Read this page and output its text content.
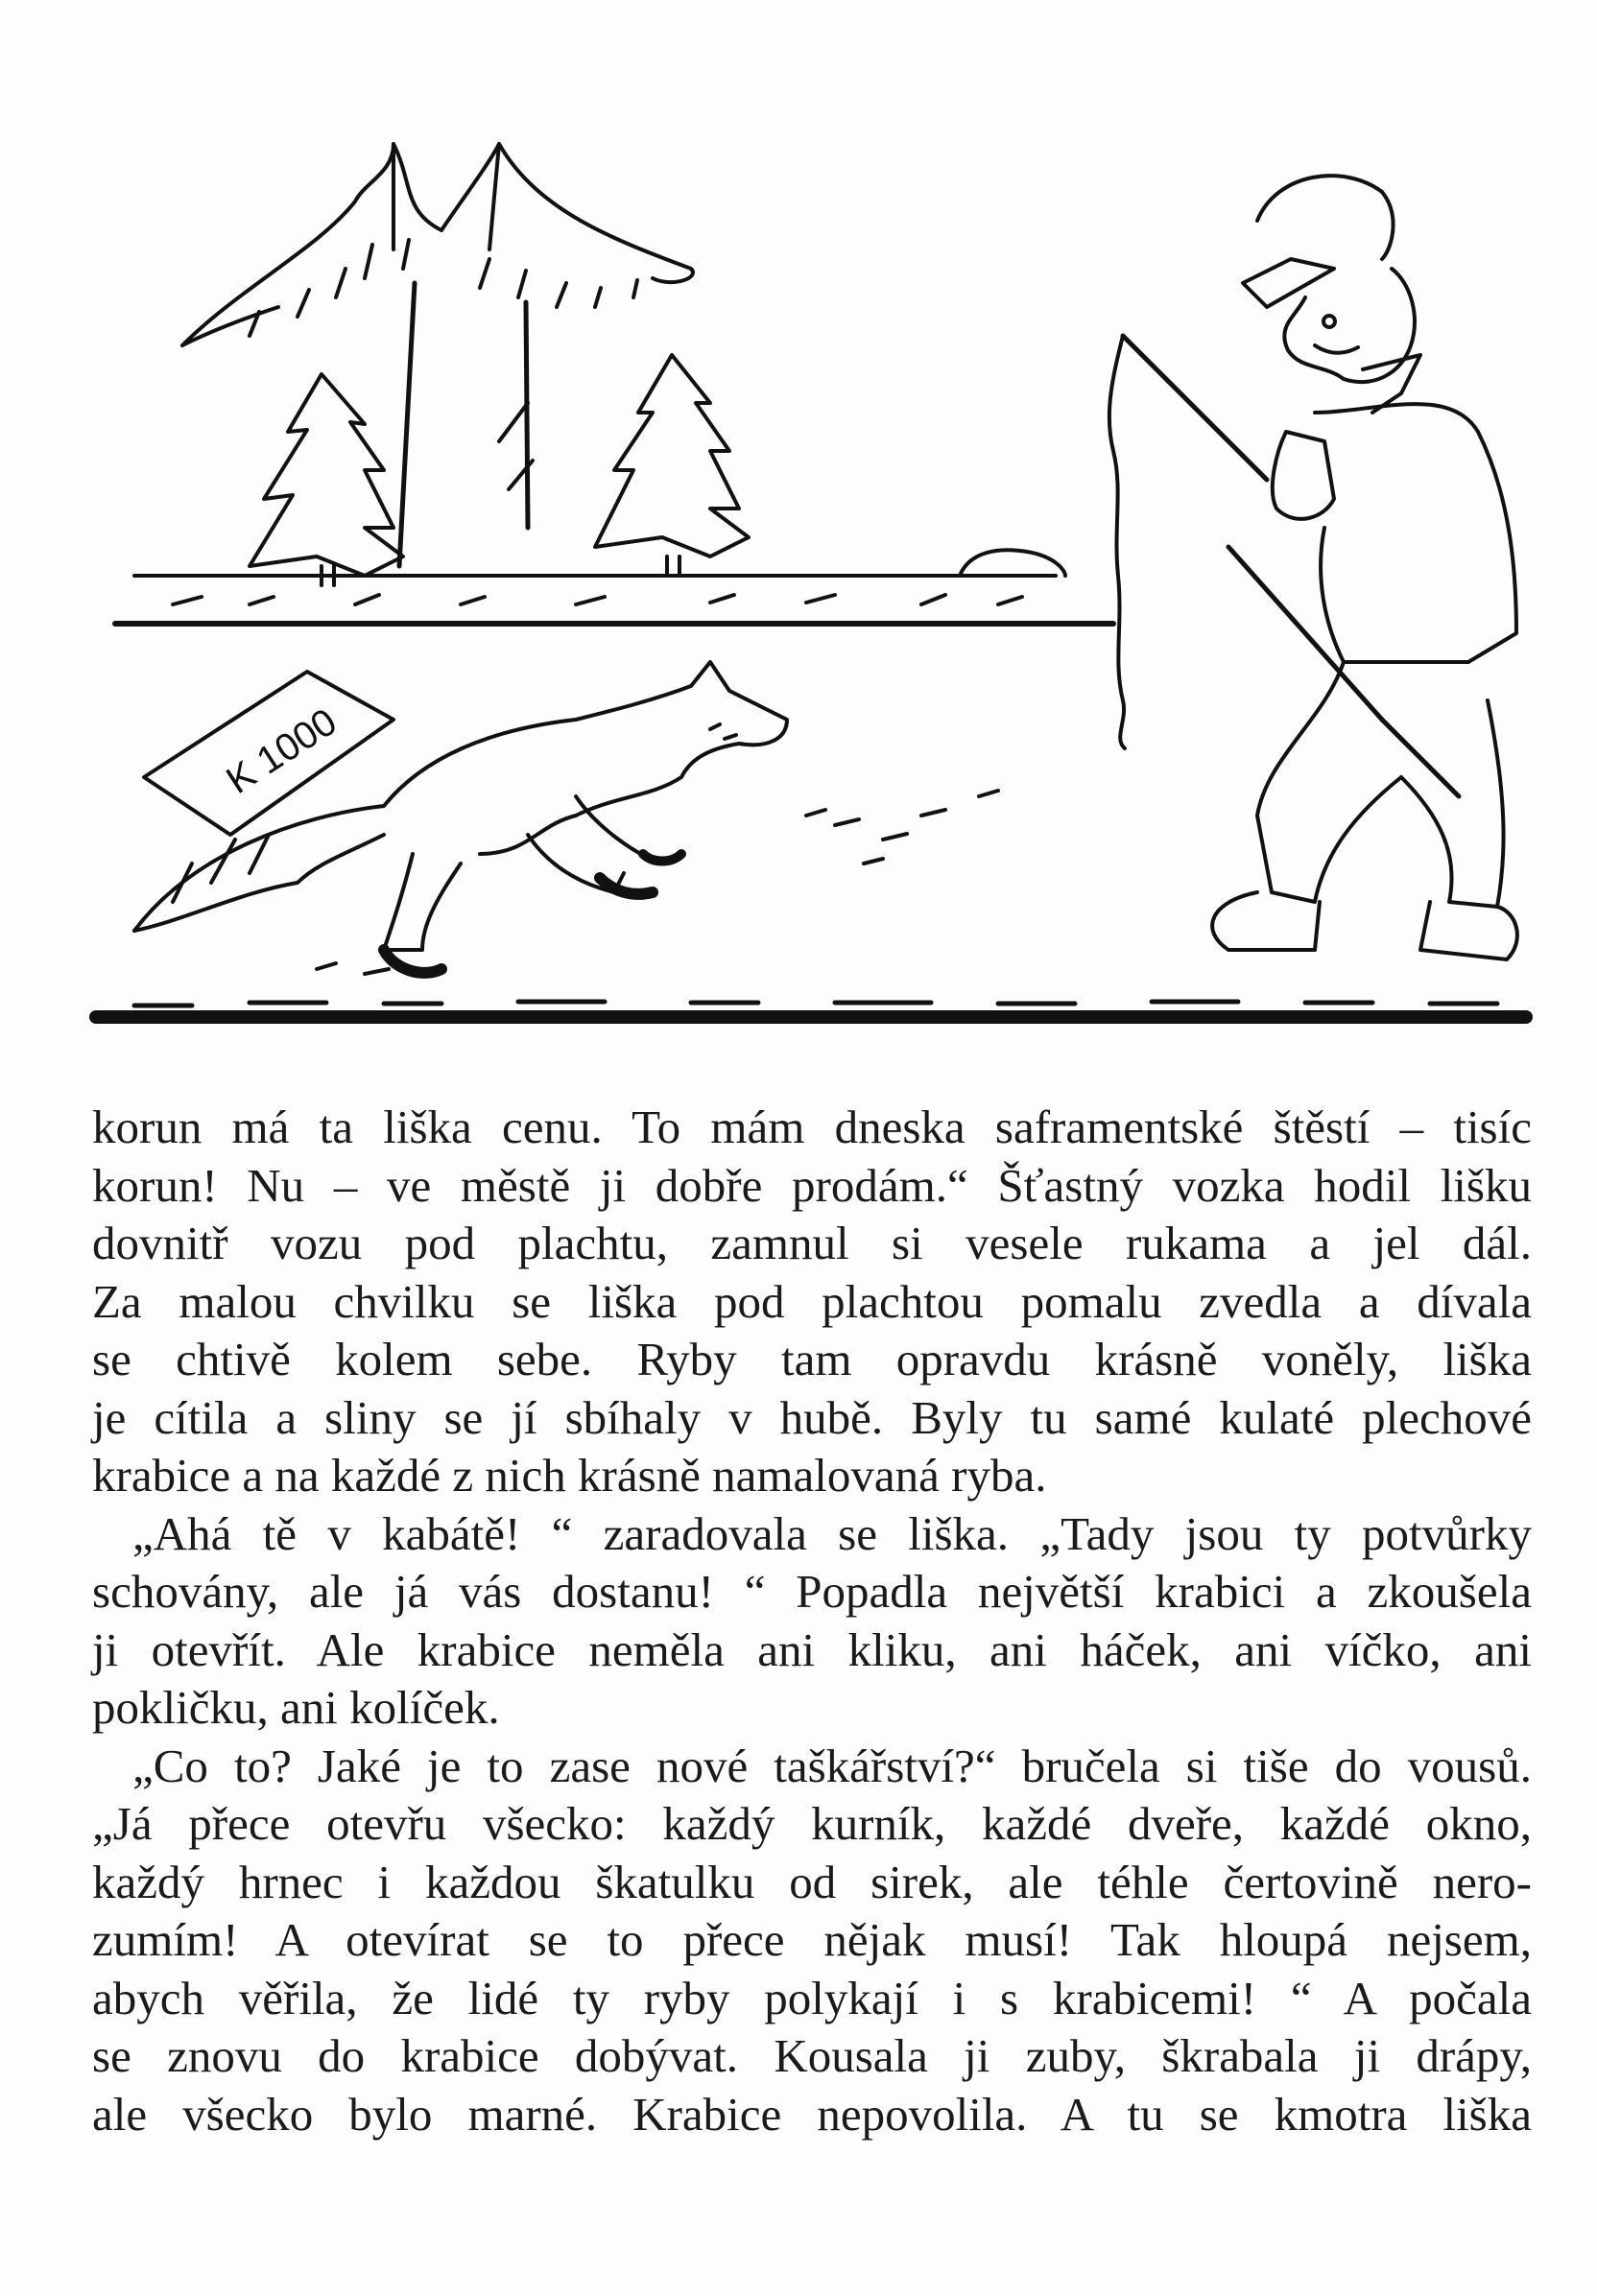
K 1000
korun má ta liška cenu. To mám dneska saframentské štěstí – tisíc
korun! Nu – ve městě ji dobře prodám.“ Šťastný vozka hodil lišku
dovnitř vozu pod plachtu, zamnul si vesele rukama a jel dál.
Za malou chvilku se liška pod plachtou pomalu zvedla a dívala
se chtivě kolem sebe. Ryby tam opravdu krásně voněly, liška
je cítila a sliny se jí sbíhaly v hubě. Byly tu samé kulaté plechové
krabice a na každé z nich krásně namalovaná ryba.
„Ahá tě v kabátě! “ zaradovala se liška. „Tady jsou ty potvůrky
schovány, ale já vás dostanu! “ Popadla největší krabici a zkoušela
ji otevřít. Ale krabice neměla ani kliku, ani háček, ani víčko, ani
pokličku, ani kolíček.
„Co to? Jaké je to zase nové taškářství?“ bručela si tiše do vousů.
„Já přece otevřu všecko: každý kurník, každé dveře, každé okno,
každý hrnec i každou škatulku od sirek, ale téhle čertovině nero-
zumím! A otevírat se to přece nějak musí! Tak hloupá nejsem,
abych věřila, že lidé ty ryby polykají i s krabicemi! “ A počala
se znovu do krabice dobývat. Kousala ji zuby, škrabala ji drápy,
ale všecko bylo marné. Krabice nepovolila. A tu se kmotra liška
